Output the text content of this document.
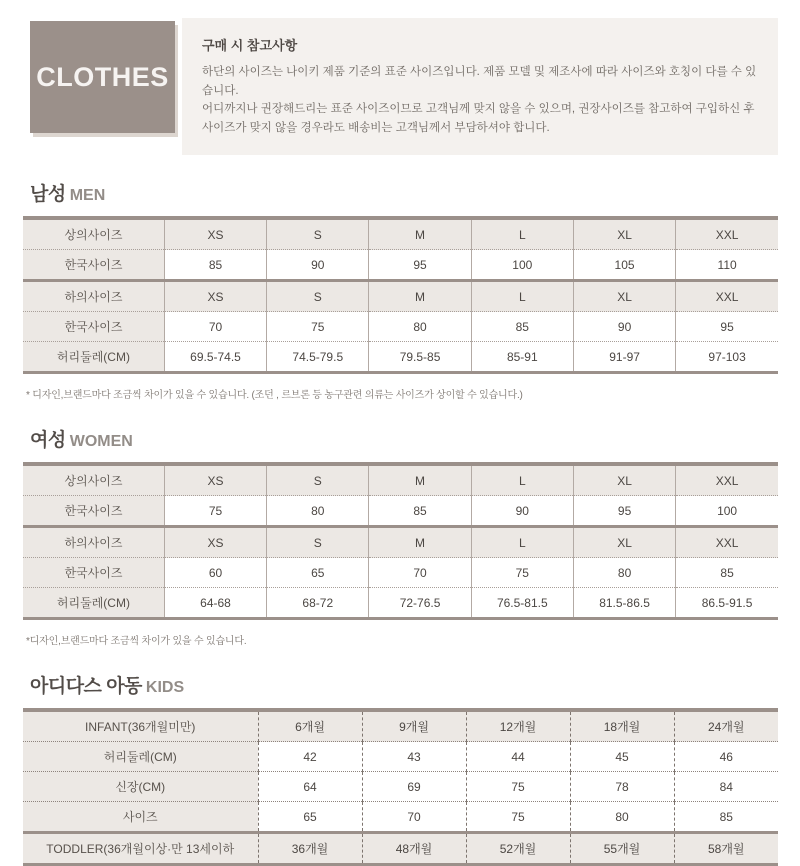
CLOTHES
구매 시 참고사항
하단의 사이즈는 나이키 제품 기준의 표준 사이즈입니다. 제품 모델 및 제조사에 따라 사이즈와 호칭이 다를 수 있습니다.
어디까지나 권장해드리는 표준 사이즈이므로 고객님께 맞지 않을 수 있으며, 권장사이즈를 참고하여 구입하신 후
사이즈가 맞지 않을 경우라도 배송비는 고객님께서 부담하셔야 합니다.
남성 MEN
상의사이즈	XS	S	M	L	XL	XXL
한국사이즈	85	90	95	100	105	110
하의사이즈	XS	S	M	L	XL	XXL
한국사이즈	70	75	80	85	90	95
허리둘레(CM)	69.5-74.5	74.5-79.5	79.5-85	85-91	91-97	97-103
* 디자인,브랜드마다 조금씩 차이가 있을 수 있습니다. (조던 , 르브론 등 농구관련 의류는 사이즈가 상이할 수 있습니다.)
여성 WOMEN
상의사이즈	XS	S	M	L	XL	XXL
한국사이즈	75	80	85	90	95	100
하의사이즈	XS	S	M	L	XL	XXL
한국사이즈	60	65	70	75	80	85
허리둘레(CM)	64-68	68-72	72-76.5	76.5-81.5	81.5-86.5	86.5-91.5
*디자인,브랜드마다 조금씩 차이가 있을 수 있습니다.
아디다스 아동 KIDS
INFANT(36개월미만)	6개월	9개월	12개월	18개월	24개월
허리둘레(CM)	42	43	44	45	46
신장(CM)	64	69	75	78	84
사이즈	65	70	75	80	85
TODDLER(36개월이상·만 13세이하	36개월	48개월	52개월	55개월	58개월
